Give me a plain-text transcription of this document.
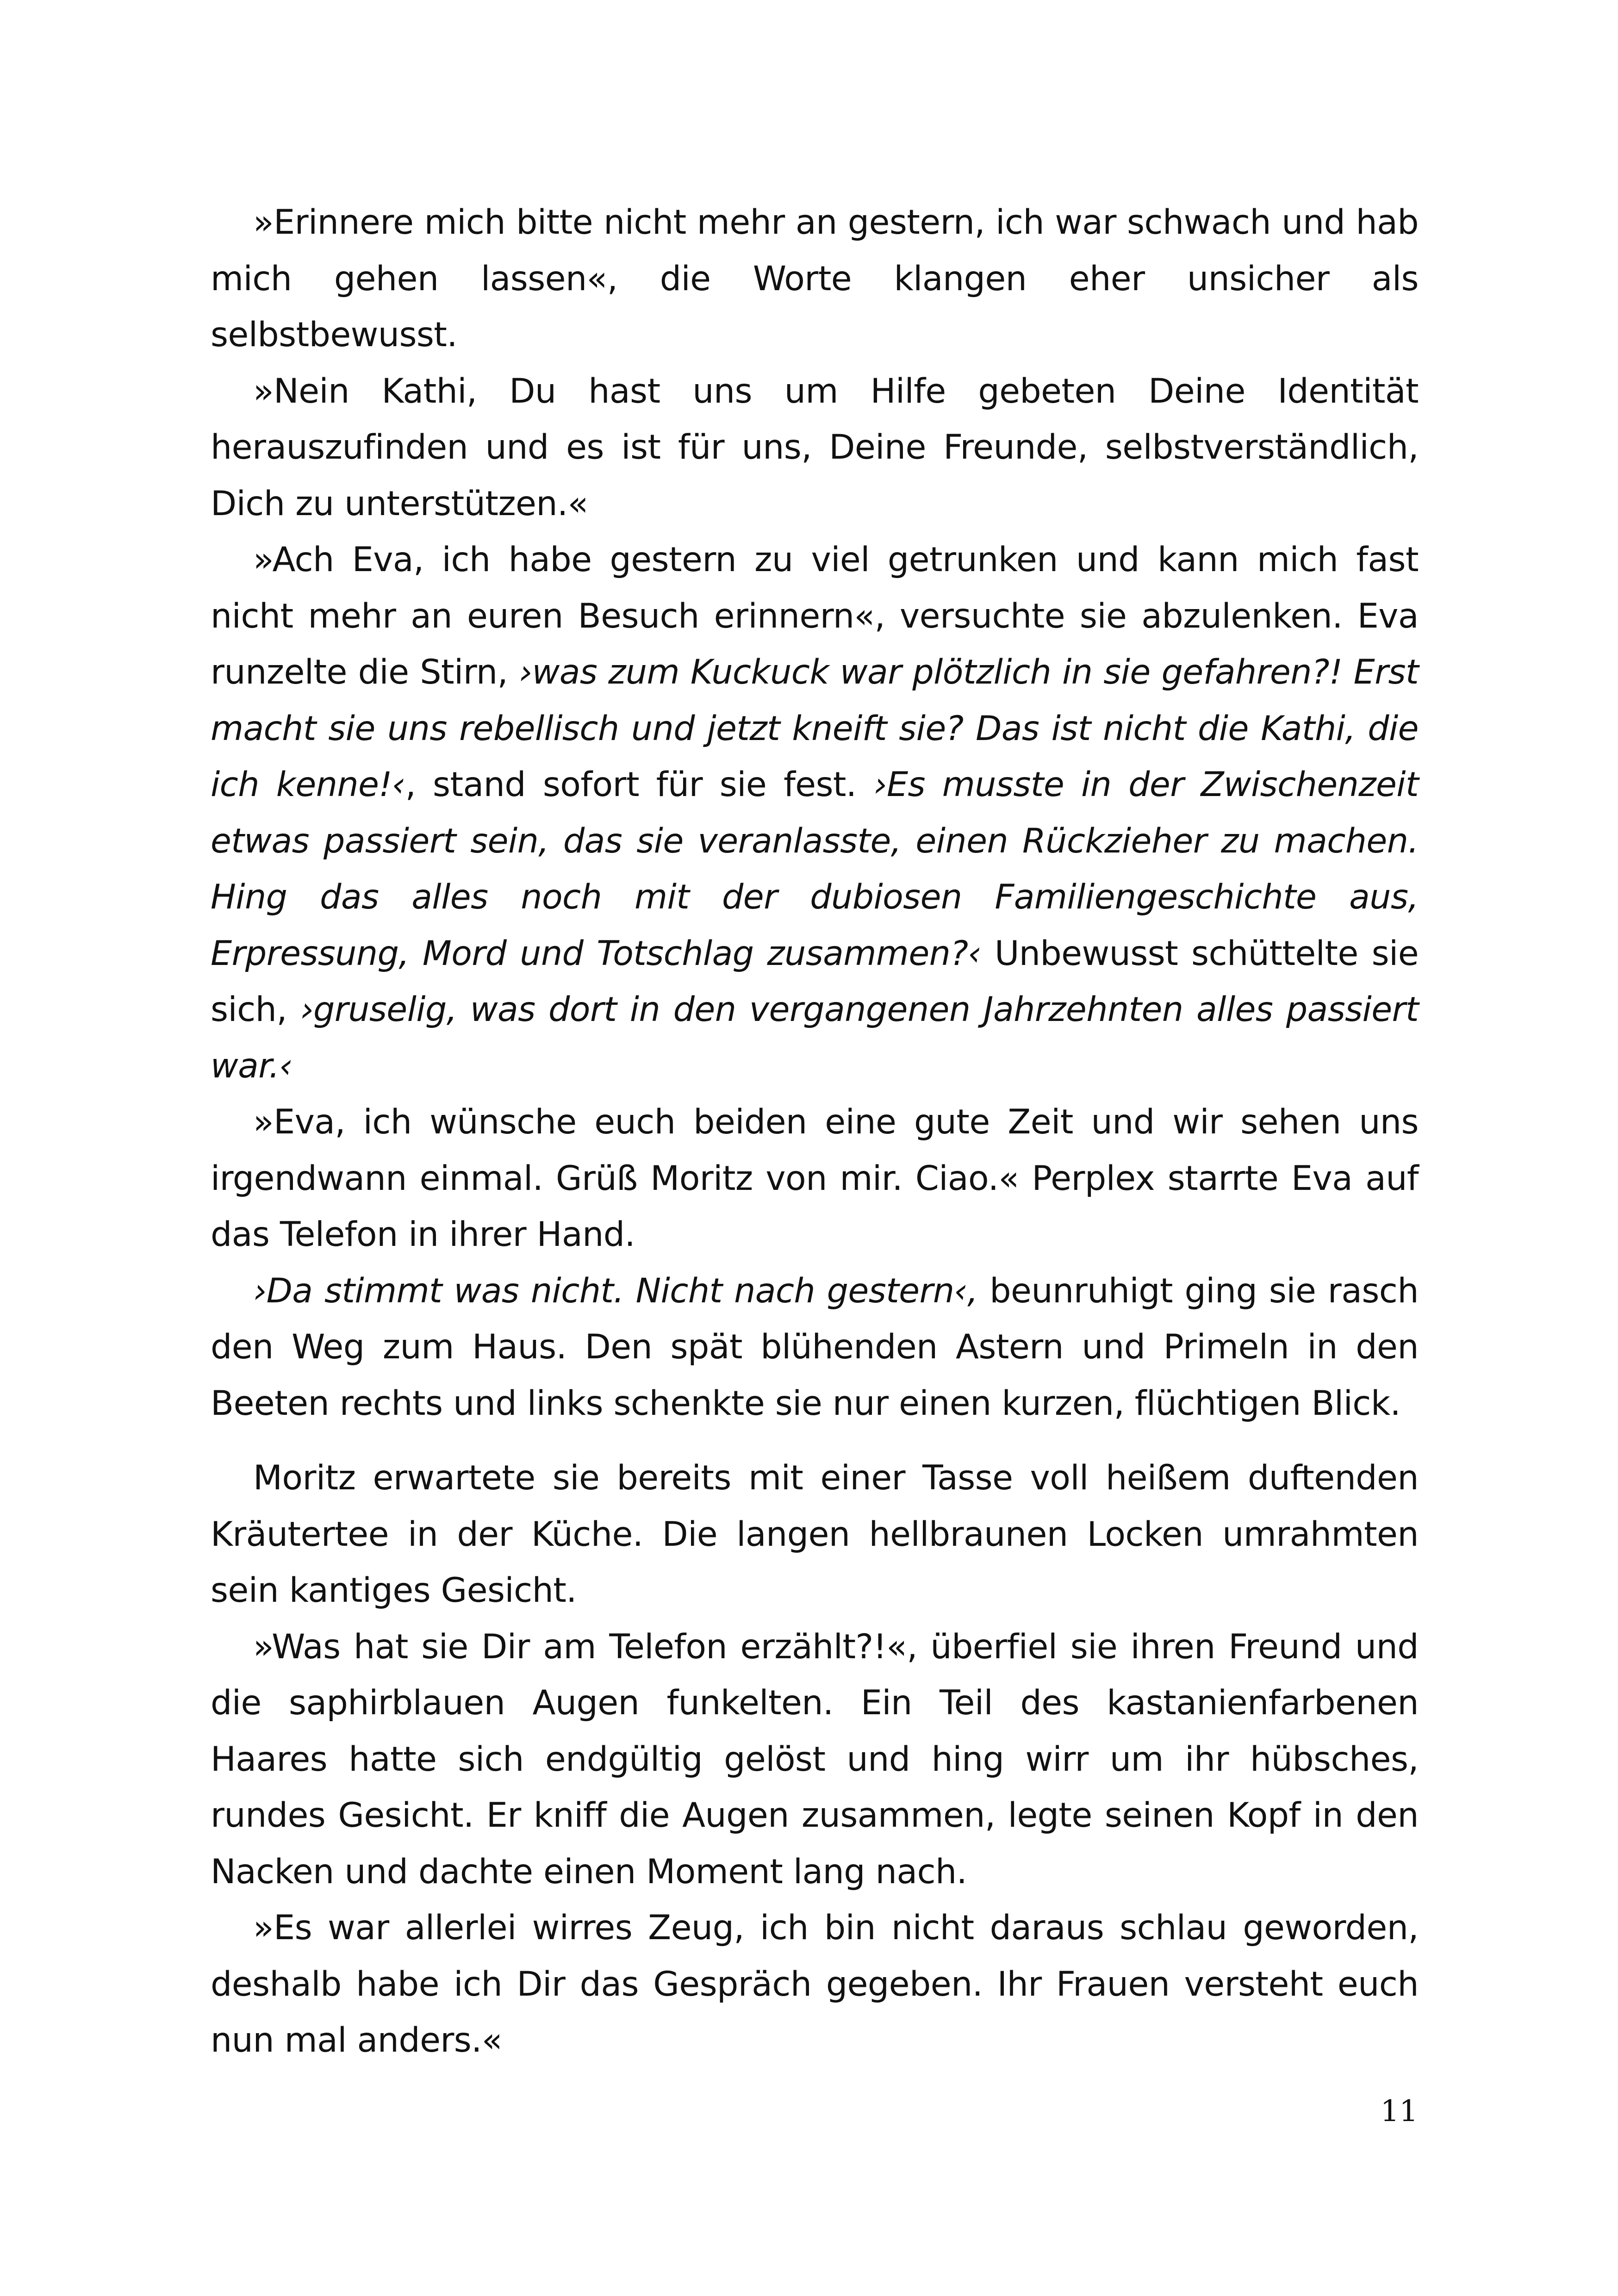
»Erinnere mich bitte nicht mehr an gestern, ich war schwach und hab mich gehen lassen«, die Worte klangen eher unsicher als selbstbewusst.

»Nein Kathi, Du hast uns um Hilfe gebeten Deine Identität herauszufinden und es ist für uns, Deine Freunde, selbstverständlich, Dich zu unterstützen.«

»Ach Eva, ich habe gestern zu viel getrunken und kann mich fast nicht mehr an euren Besuch erinnern«, versuchte sie abzulenken. Eva runzelte die Stirn, ›was zum Kuckuck war plötzlich in sie gefahren?! Erst macht sie uns rebellisch und jetzt kneift sie? Das ist nicht die Kathi, die ich kenne!‹, stand sofort für sie fest. ›Es musste in der Zwischenzeit etwas passiert sein, das sie veranlasste, einen Rückzieher zu machen. Hing das alles noch mit der dubiosen Familiengeschichte aus, Erpressung, Mord und Totschlag zusammen?‹ Unbewusst schüttelte sie sich, ›gruselig, was dort in den vergangenen Jahrzehnten alles passiert war.‹

»Eva, ich wünsche euch beiden eine gute Zeit und wir sehen uns irgendwann einmal. Grüß Moritz von mir. Ciao.« Perplex starrte Eva auf das Telefon in ihrer Hand.

›Da stimmt was nicht. Nicht nach gestern‹, beunruhigt ging sie rasch den Weg zum Haus. Den spät blühenden Astern und Primeln in den Beeten rechts und links schenkte sie nur einen kurzen, flüchtigen Blick.

Moritz erwartete sie bereits mit einer Tasse voll heißem duftenden Kräutertee in der Küche. Die langen hellbraunen Locken umrahmten sein kantiges Gesicht.

»Was hat sie Dir am Telefon erzählt?!«, überfiel sie ihren Freund und die saphirblauen Augen funkelten. Ein Teil des kastanienfarbenen Haares hatte sich endgültig gelöst und hing wirr um ihr hübsches, rundes Gesicht. Er kniff die Augen zusammen, legte seinen Kopf in den Nacken und dachte einen Moment lang nach.

»Es war allerlei wirres Zeug, ich bin nicht daraus schlau geworden, deshalb habe ich Dir das Gespräch gegeben. Ihr Frauen versteht euch nun mal anders.«

11
